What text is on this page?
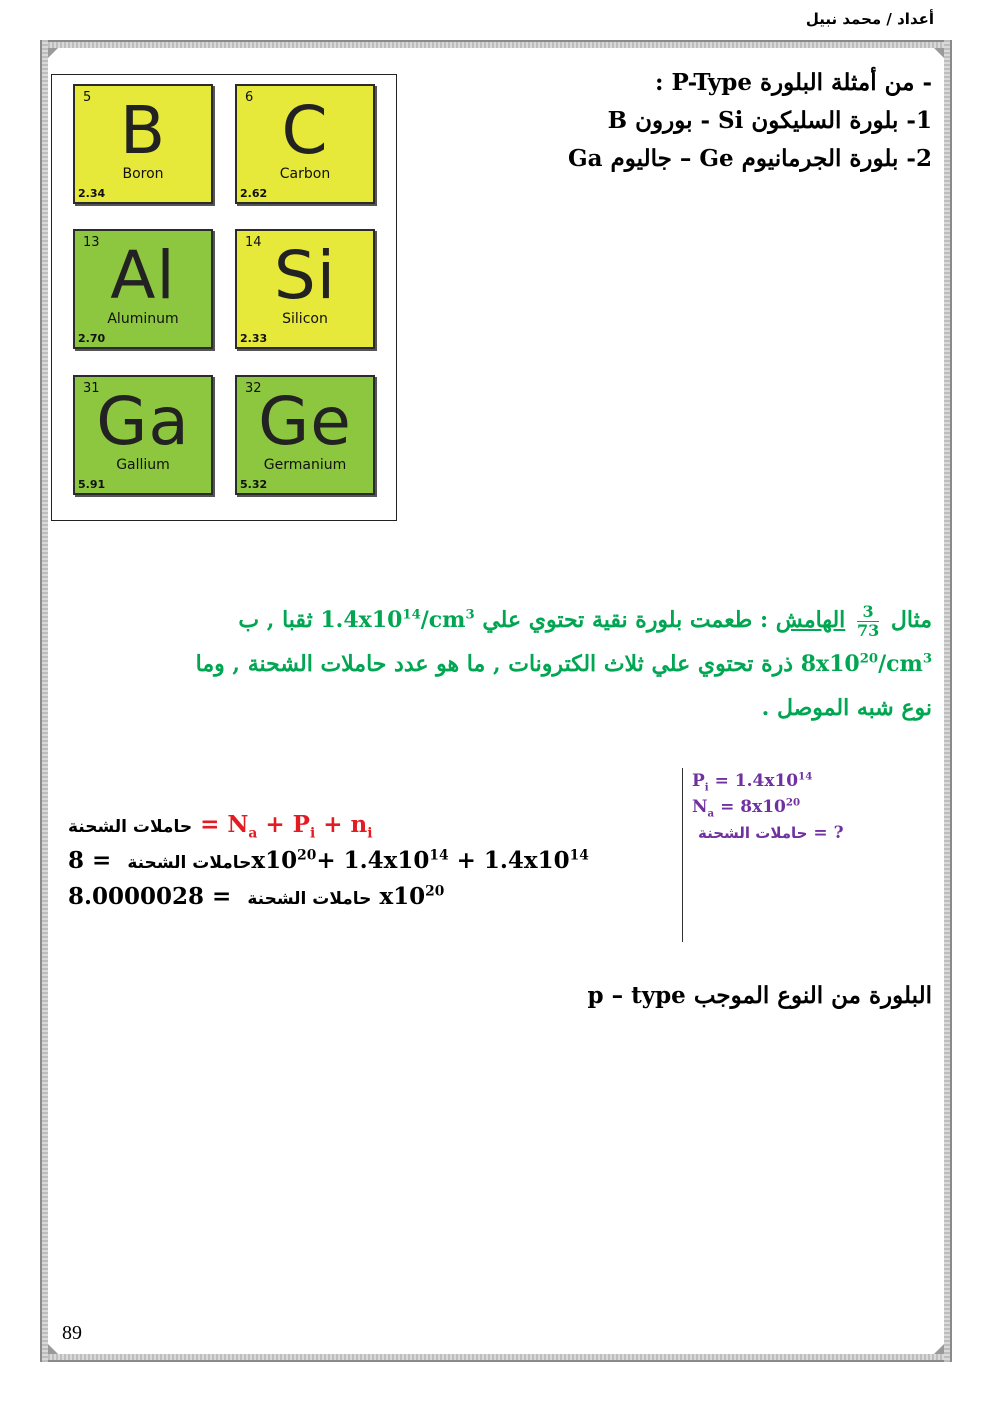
أعداد / محمد نبيل
5 B
Boron
2.34
6 C
Carbon
2.62
13 Al
Aluminum
2.70
14 Si
Silicon
2.33
31
Ga
Gallium
5.91
32
Ge
Germanium
5.32
- من أمثلة البلورة P-Type :
1- بلورة السليكون Si - بورون B
2- بلورة الجرمانيوم Ge – جاليوم Ga
مثال
$\frac{3}{73}$
الهامش : طعمت بلورة نقية تحتوي علي $1.4x10^{14}/cm^3$ ثقبا , ب
$8x10^{20}/cm^3$ ذرة تحتوي علي ثلاث الكترونات , ما هو عدد حاملات الشحنة , وما
نوع شبه الموصل .
$P_i = 1.4x10^{14}$
$N_a = 8x10^{20}$
حاملات الشحنة = ?
حاملات الشحنة = $N_a + P_i + n_i$
حاملات الشحنة  = $8x10^{20}+ 1.4x10^{14} + 1.4x10^{14}$
حاملات الشحنة  = 8.0000028 $x10^{20}$
البلورة من النوع الموجب p – type
89
